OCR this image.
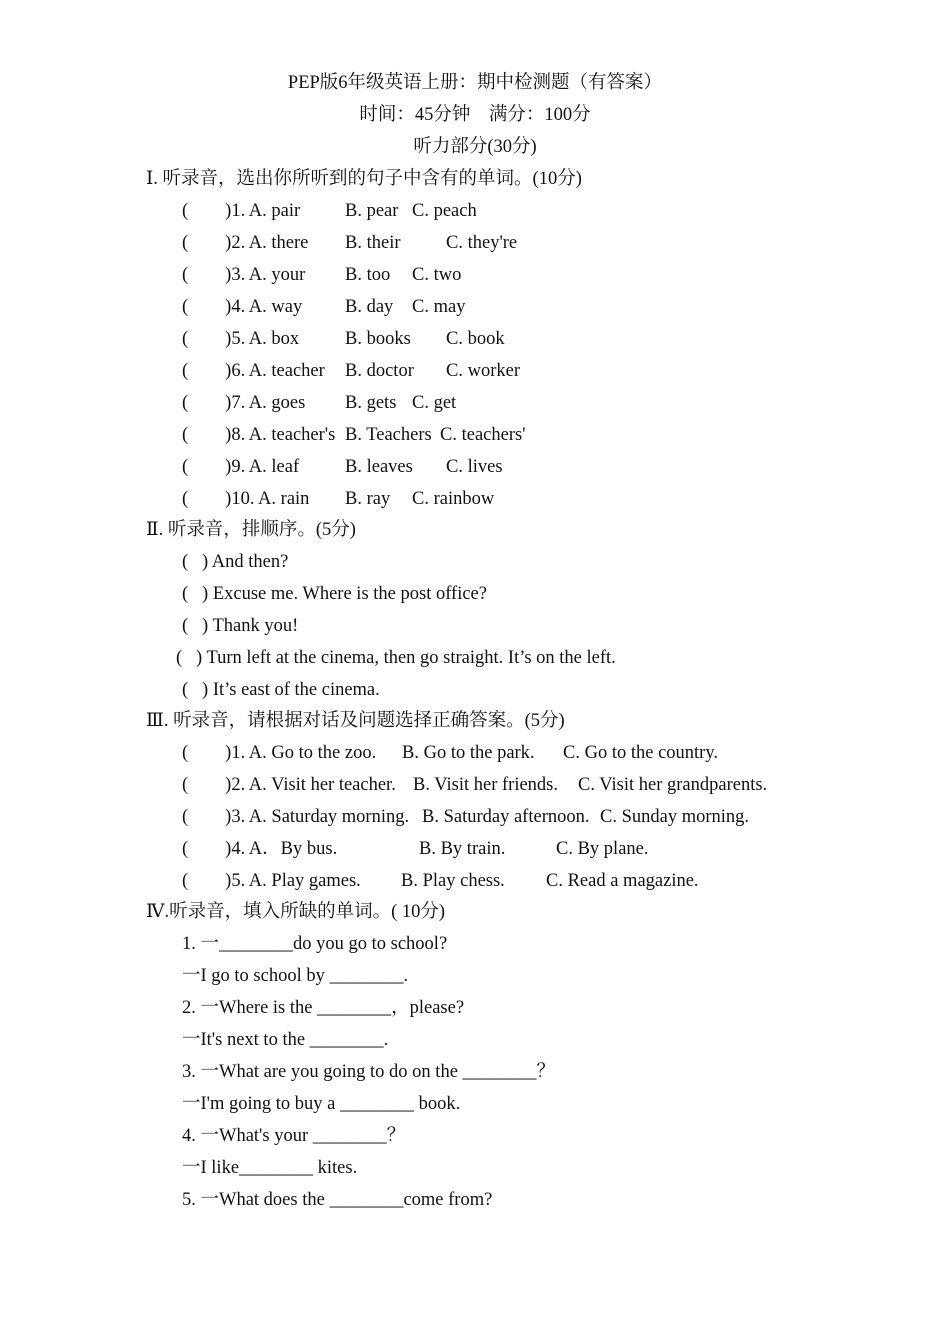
PEP版6年级英语上册：期中检测题（有答案）
时间：45分钟　满分：100分
听力部分(30分)
Ⅰ. 听录音，选出你所听到的句子中含有的单词。(10分)

(        )1. A. pair

B. pear

C. peach

(        )2. A. there

B. their

C. they're

(        )3. A. your

B. too

C. two

(        )4. A. way

B. day

C. may

(        )5. A. box

B. books

C. book

(        )6. A. teacher

B. doctor

C. worker

(        )7. A. goes

B. gets

C. get

(        )8. A. teacher's

B. Teachers

C. teachers'

(        )9. A. leaf

B. leaves

C. lives

(        )10. A. rain

B. ray

C. rainbow

Ⅱ. 听录音，排顺序。(5分)
(   ) And then?
(   ) Excuse me. Where is the post office?
(   ) Thank you!
(   ) Turn left at the cinema, then go straight. It’s on the left.
(   ) It’s east of the cinema.
Ⅲ. 听录音，请根据对话及问题选择正确答案。(5分)

(        )1. A. Go to the zoo.

B. Go to the park.

C. Go to the country.

(        )2. A. Visit her teacher.

B. Visit her friends.

C. Visit her grandparents.

(        )3. A. Saturday morning.

B. Saturday afternoon.

C. Sunday morning.

(        )4. A．By bus.

	B. By train.

	C. By plane.

(        )5. A. Play games.

B. Play chess.

C. Read a magazine.

Ⅳ.听录音，填入所缺的单词。( 10分)
1. 一________do you go to school?
一I go to school by ________.
2. 一Where is the ________，please?
一It's next to the ________.
3. 一What are you going to do on the ________？
一I'm going to buy a ________ book.
4. 一What's your ________？
一I like________ kites.
5. 一What does the ________come from?
